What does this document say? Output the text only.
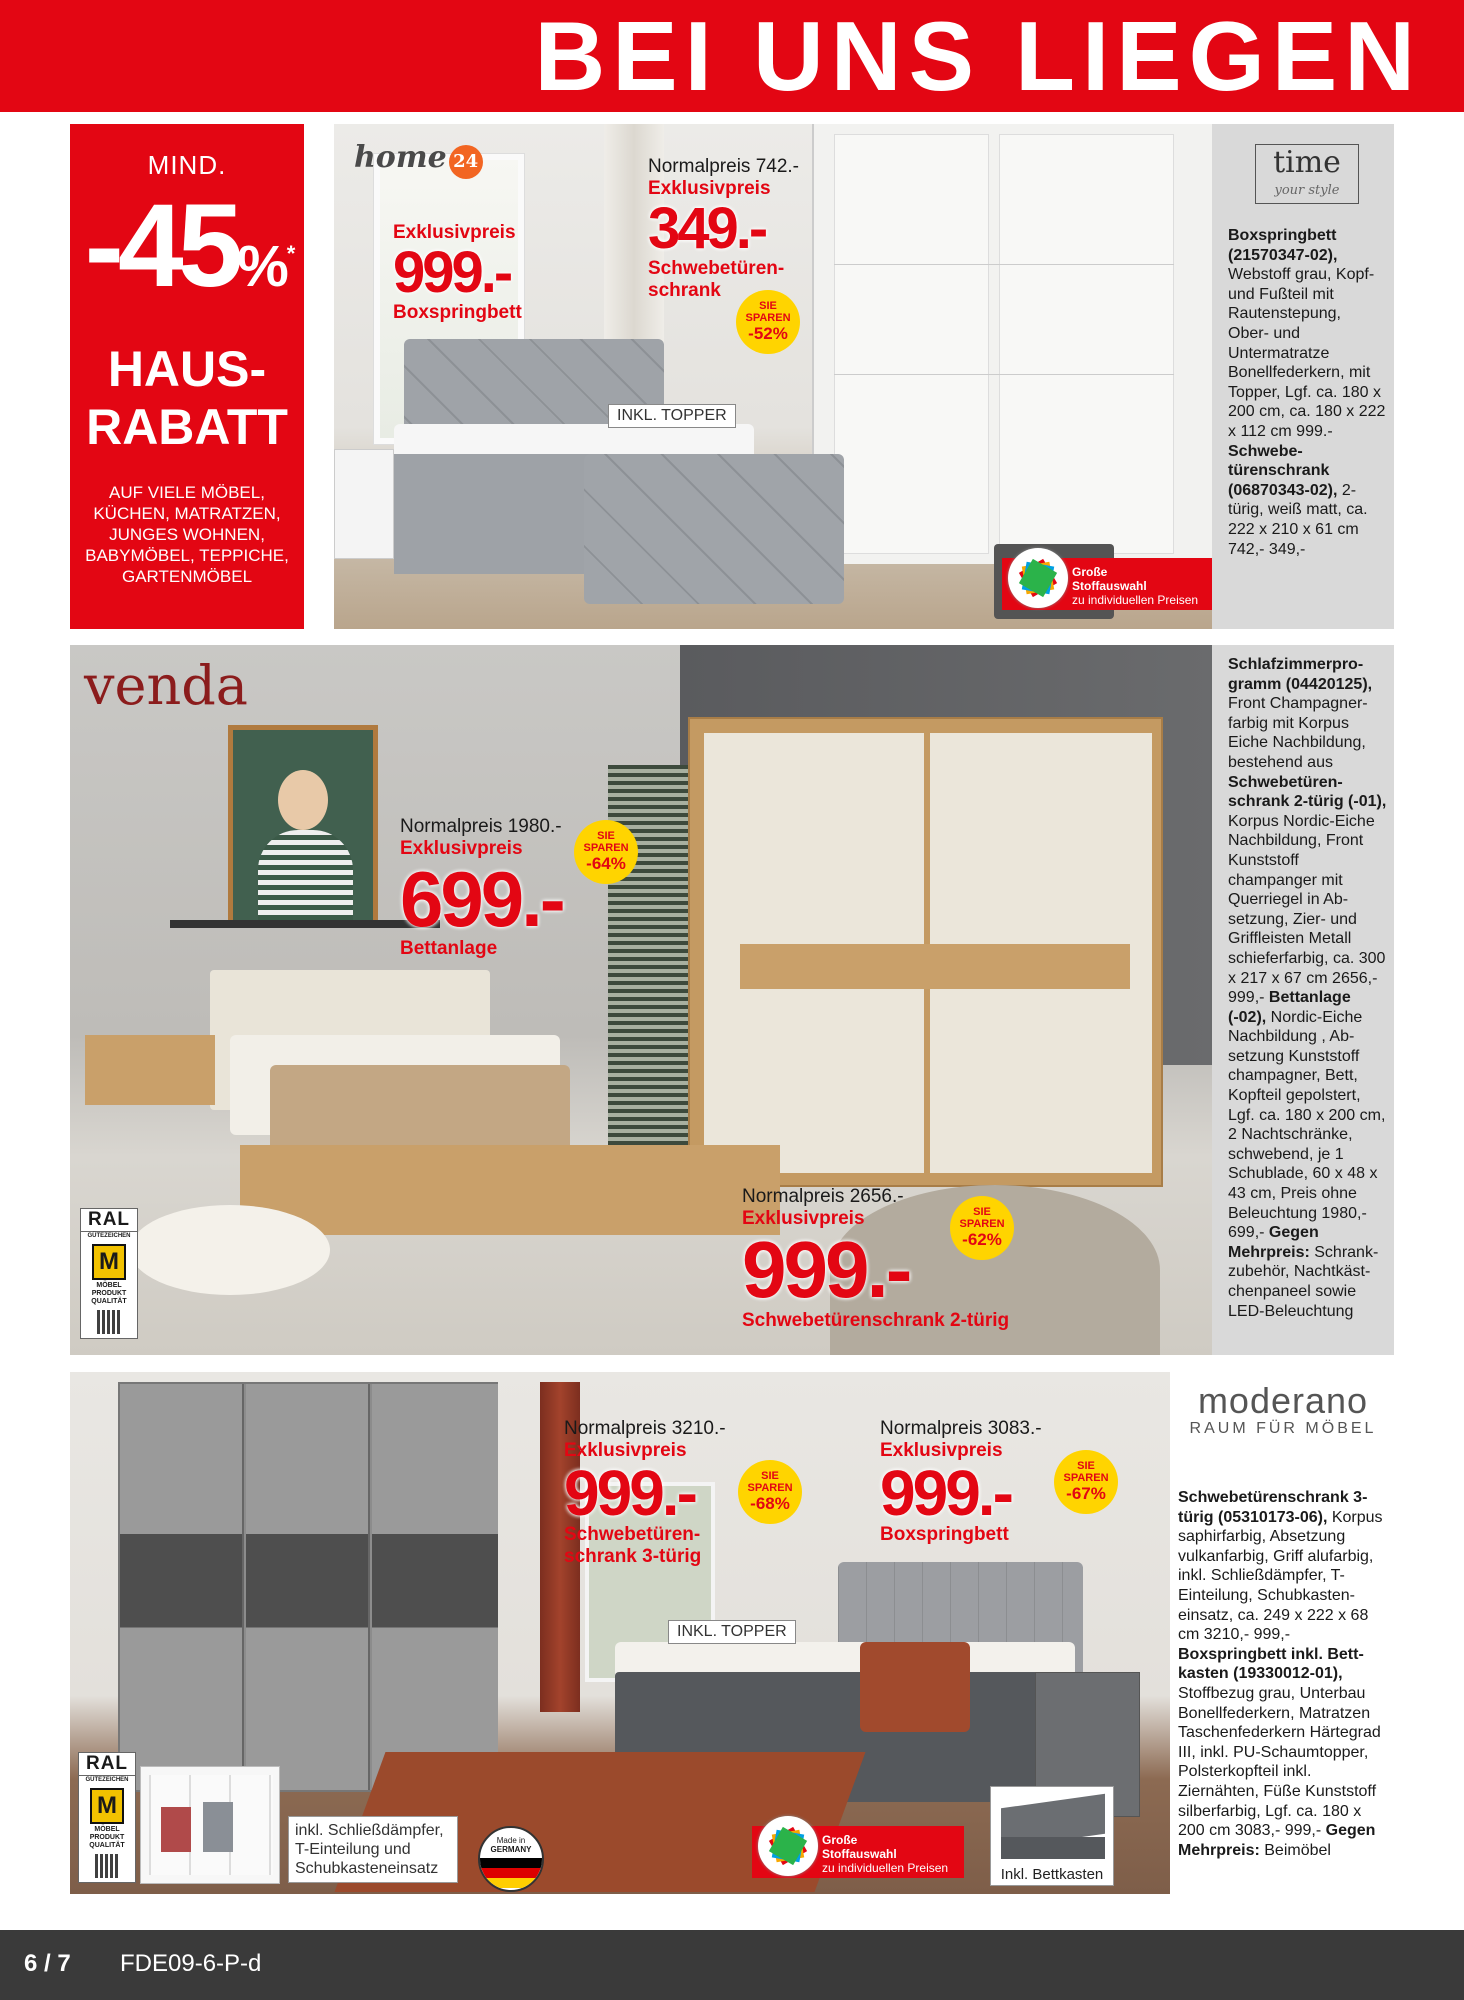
BEI UNS LIEGEN
MIND.
-45%*
HAUS-
RABATT
AUF VIELE MÖBEL, KÜCHEN, MATRATZEN, JUNGES WOHNEN, BABYMÖBEL, TEPPICHE, GARTENMÖBEL
home 24
Exklusivpreis
999.-
Boxspringbett
Normalpreis 742.-
Exklusivpreis
349.-
Schwebetüren-
schrank
SIE
SPAREN
-52%
INKL. TOPPER
Große
Stoffauswahl
zu individuellen Preisen
time
your style

Boxspringbett (21570347-02), Webstoff grau, Kopf- und Fußteil mit Rautenstepung, Ober- und Untermatratze Bonellfederkern, mit Topper, Lgf. ca. 180 x 200 cm, ca. 180 x 222 x 112 cm 999.- Schwebetürenschrank (06870343-02), 2-türig, weiß matt, ca. 222 x 210 x 61 cm 742,- 349,-

venda
Normalpreis 1980.-
Exklusivpreis
699.-
Bettanlage
SIE
SPAREN
-64%
Normalpreis 2656.-
Exklusivpreis
999.-
Schwebetürenschrank 2-türig
SIE
SPAREN
-62%
RAL
GÜTEZEICHEN
M
MÖBEL
PRODUKT
QUALITÄT

Schlafzimmerprogramm (04420125), Front Champagnerfarbig mit Korpus Eiche Nachbildung, bestehend aus Schwebetürenschrank 2-türig (-01), Korpus Nordic-Eiche Nachbildung, Front Kunststoff champanger mit Querriegel in Absetzung, Zier- und Griffleisten Metall schieferfarbig, ca. 300 x 217 x 67 cm 2656,- 999,- Bettanlage (-02), Nordic-Eiche Nachbildung , Absetzung Kunststoff champagner, Bett, Kopfteil gepolstert, Lgf. ca. 180 x 200 cm, 2 Nachtschränke, schwebend, je 1 Schublade, 60 x 48 x 43 cm, Preis ohne Beleuchtung 1980,- 699,- Gegen Mehrpreis: Schrankzubehör, Nachtkästchenpaneel sowie LED-Beleuchtung

moderano
RAUM FÜR MÖBEL
Normalpreis 3210.-
Exklusivpreis
999.-
Schwebetüren-
schrank 3-türig
SIE
SPAREN
-68%
Normalpreis 3083.-
Exklusivpreis
999.-
Boxspringbett
SIE
SPAREN
-67%
INKL. TOPPER
RAL
GÜTEZEICHEN
M
MÖBEL
PRODUKT
QUALITÄT
inkl. Schließdämpfer,
T-Einteilung und
Schubkasteneinsatz
Made in
GERMANY
Große
Stoffauswahl
zu individuellen Preisen	Inkl. Bettkasten

Schwebetürenschrank 3-türig (05310173-06), Korpus saphirfarbig, Absetzung vulkanfarbig, Griff alufarbig, inkl. Schließdämpfer, T-Einteilung, Schubkasteneinsatz, ca. 249 x 222 x 68 cm 3210,- 999,- Boxspringbett inkl. Bettkasten (19330012-01), Stoffbezug grau, Unterbau Bonellfederkern, Matratzen Taschenfederkern Härtegrad III, inkl. PU-Schaumtopper, Polsterkopfteil inkl. Ziernähten, Füße Kunststoff silberfarbig, Lgf. ca. 180 x 200 cm 3083,- 999,- Gegen Mehrpreis: Beimöbel

6 / 7 FDE09-6-P-d
